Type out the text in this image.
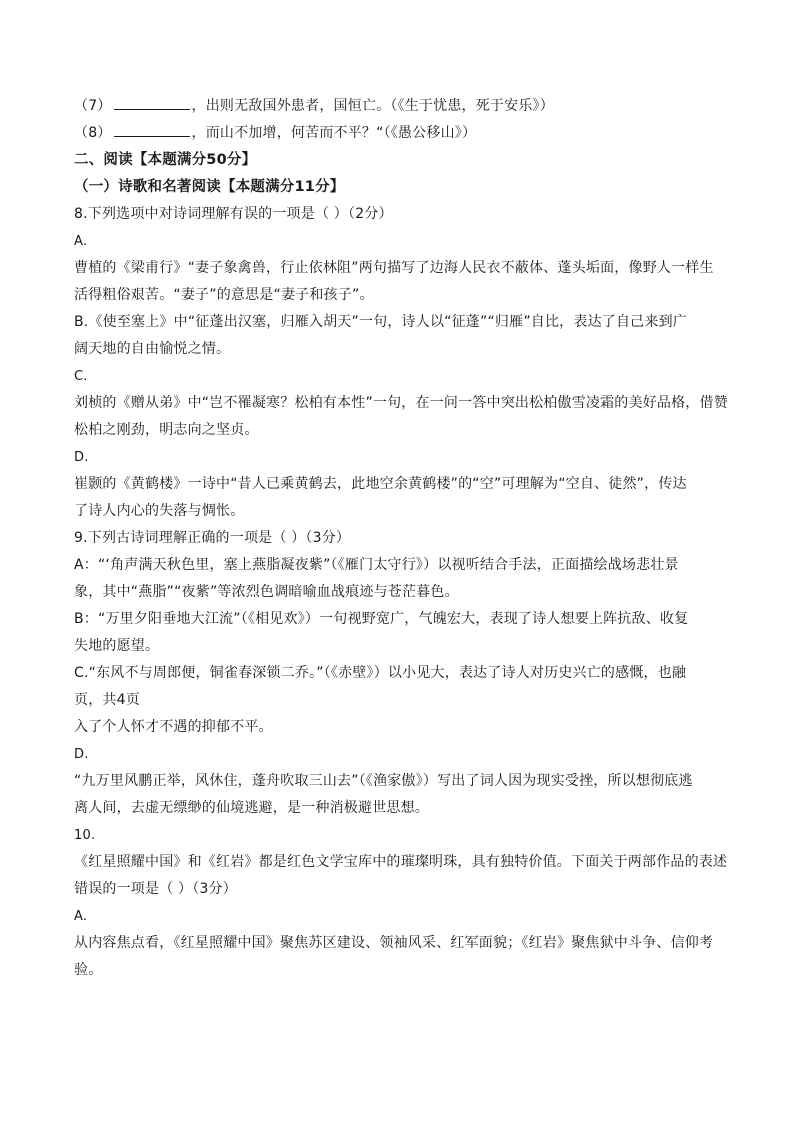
（7）	，出则无敌国外患者，国恒亡。（《生于忧患，死于安乐》）
（8）	，而山不加增，何苦而不平？“（《愚公移山》）
二、阅读【本题满分50分】
（一）诗歌和名著阅读【本题满分11分】
8.下列选项中对诗词理解有误的一项是（ ）（2分）
A.
曹植的《梁甫行》“妻子象禽兽，行止依林阻”两句描写了边海人民衣不蔽体、蓬头垢面，像野人一样生
活得粗俗艰苦。“妻子”的意思是“妻子和孩子”。
B.《使至塞上》中“征蓬出汉塞，归雁入胡天”一句，诗人以“征蓬”“归雁”自比，表达了自己来到广
阔天地的自由愉悦之情。
C.
刘桢的《赠从弟》中“岂不罹凝寒？松柏有本性”一句，在一问一答中突出松柏傲雪凌霜的美好品格，借赞
松柏之刚劲，明志向之坚贞。
D.
崔颢的《黄鹤楼》一诗中“昔人已乘黄鹤去，此地空余黄鹤楼”的“空”可理解为“空自、徒然”，传达
了诗人内心的失落与惆怅。
9.下列古诗词理解正确的一项是（ ）（3分）
A：“‘角声满天秋色里，塞上燕脂凝夜紫”（《雁门太守行》）以视听结合手法，正面描绘战场悲壮景
象，其中“燕脂”“夜紫”等浓烈色调暗喻血战痕迹与苍茫暮色。
B：“万里夕阳垂地大江流”（《相见欢》）一句视野宽广，气魄宏大，表现了诗人想要上阵抗敌、收复
失地的愿望。
C.“东风不与周郎便，铜雀春深锁二乔。”（《赤壁》）以小见大，表达了诗人对历史兴亡的感慨，也融
页，共4页
入了个人怀才不遇的抑郁不平。
D.
“九万里风鹏正举，风休住，蓬舟吹取三山去”（《渔家傲》）写出了词人因为现实受挫，所以想彻底逃
离人间，去虚无缥缈的仙境逃避，是一种消极避世思想。
10.
《红星照耀中国》和《红岩》都是红色文学宝库中的璀璨明珠，具有独特价值。下面关于两部作品的表述
错误的一项是（ ）（3分）
A.
从内容焦点看，《红星照耀中国》聚焦苏区建设、领袖风采、红军面貌；《红岩》聚焦狱中斗争、信仰考
验。
